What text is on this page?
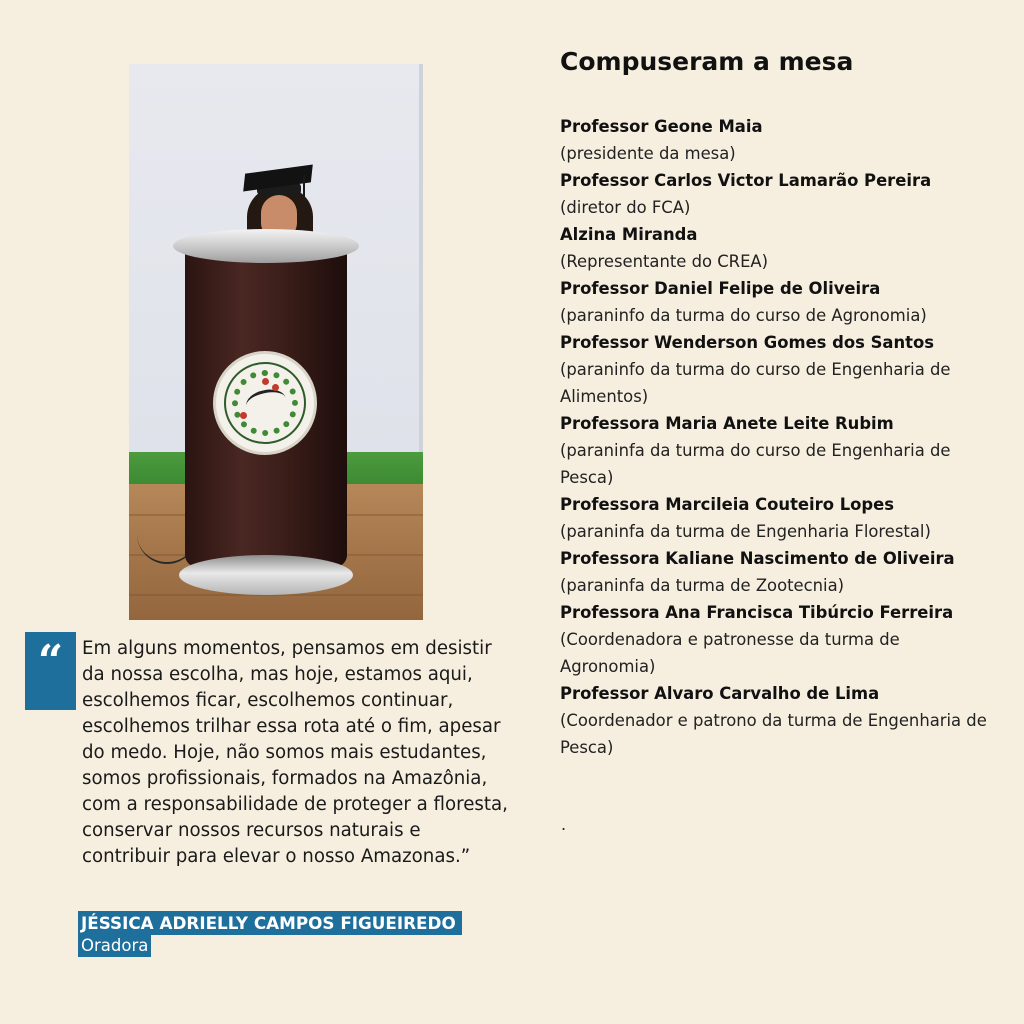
“	Em alguns momentos, pensamos em desistir da nossa escolha, mas hoje, estamos aqui, escolhemos ficar, escolhemos continuar, escolhemos trilhar essa rota até o fim, apesar do medo. Hoje, não somos mais estudantes, somos profissionais, formados na Amazônia, com a responsabilidade de proteger a floresta, conservar nossos recursos naturais e contribuir para elevar o nosso Amazonas.”

JÉSSICA ADRIELLY CAMPOS FIGUEIREDO
Oradora
Compuseram a mesa
Professor Geone Maia
(presidente da mesa)
Professor Carlos Victor Lamarão Pereira
(diretor do FCA)
Alzina Miranda
(Representante do CREA)
Professor Daniel Felipe de Oliveira
(paraninfo da turma do curso de Agronomia)
Professor Wenderson Gomes dos Santos
(paraninfo da turma do curso de Engenharia de Alimentos)
Professora Maria Anete Leite Rubim
(paraninfa da turma do curso de Engenharia de Pesca)
Professora Marcileia Couteiro Lopes
(paraninfa da turma de Engenharia Florestal)
Professora Kaliane Nascimento de Oliveira
(paraninfa da turma de Zootecnia)
Professora Ana Francisca Tibúrcio Ferreira
(Coordenadora e patronesse da turma de Agronomia)
Professor Alvaro Carvalho de Lima
(Coordenador e patrono da turma de Engenharia de Pesca)
.
